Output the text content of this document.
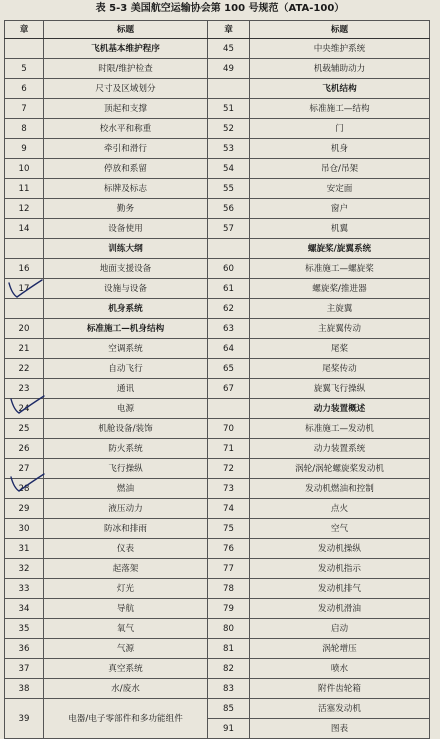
表 5-3 美国航空运输协会第 100 号规范（ATA-100）
章	标题	章	标题
	飞机基本维护程序	45	中央维护系统
5	时限/维护检查	49	机载辅助动力
6	尺寸及区域划分		飞机结构
7	顶起和支撑	51	标准施工—结构
8	校水平和称重	52	门
9	牵引和滑行	53	机身
10	停放和系留	54	吊仓/吊架
11	标牌及标志	55	安定面
12	勤务	56	窗户
14	设备使用	57	机翼
	训练大纲		螺旋桨/旋翼系统
16	地面支援设备	60	标准施工—螺旋桨
17	设施与设备	61	螺旋桨/推进器
	机身系统	62	主旋翼
20	标准施工—机身结构	63	主旋翼传动
21	空调系统	64	尾桨
22	自动飞行	65	尾桨传动
23	通讯	67	旋翼飞行操纵
24	电源		动力装置概述
25	机舱设备/装饰	70	标准施工—发动机
26	防火系统	71	动力装置系统
27	飞行操纵	72	涡轮/涡轮螺旋桨发动机
28	燃油	73	发动机燃油和控制
29	液压动力	74	点火
30	防冰和排雨	75	空气
31	仪表	76	发动机操纵
32	起落架	77	发动机指示
33	灯光	78	发动机排气
34	导航	79	发动机滑油
35	氧气	80	启动
36	气源	81	涡轮增压
37	真空系统	82	喷水
38	水/废水	83	附件齿轮箱
39	电器/电子零部件和多功能组件	85	活塞发动机
		91	图表
